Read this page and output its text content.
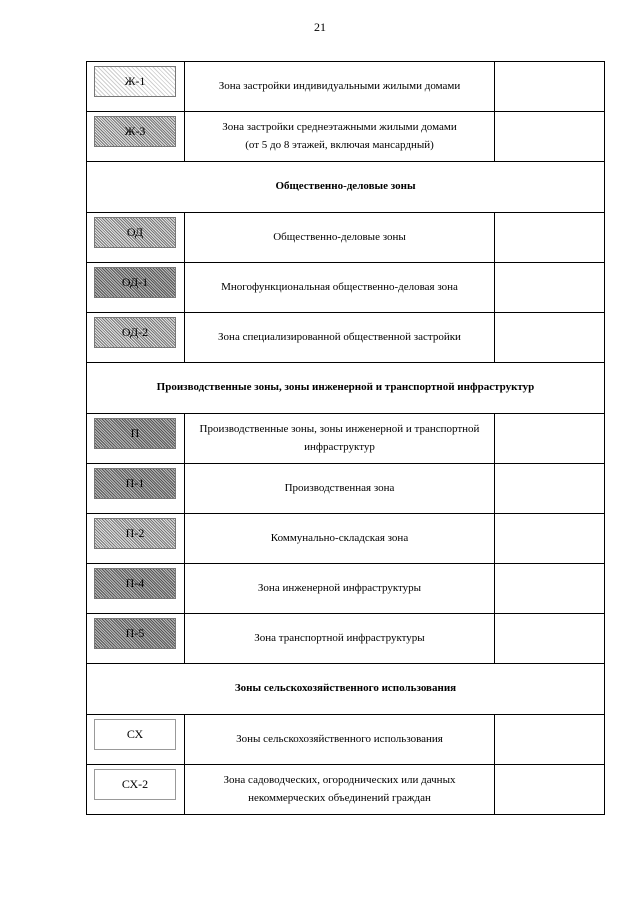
21
Ж-1	Зона застройки индивидуальными жилыми домами	

Ж-3	Зона застройки среднеэтажными жилыми домами
(от 5 до 8 этажей, включая мансардный)	

Общественно-деловые зоны		

ОД	Общественно-деловые зоны	

ОД-1	Многофункциональная общественно-деловая зона	

ОД-2	Зона специализированной общественной застройки	

Производственные зоны, зоны инженерной и транспортной инфраструктур		

П	Производственные зоны, зоны инженерной и транспортной инфраструктур	

П-1	Производственная зона	

П-2	Коммунально-складская зона	

П-4	Зона инженерной инфраструктуры	

П-5	Зона транспортной инфраструктуры	

Зоны сельскохозяйственного использования		

СХ	Зоны сельскохозяйственного использования	

СХ-2	Зона садоводческих, огороднических или дачных некоммерческих объединений граждан	
